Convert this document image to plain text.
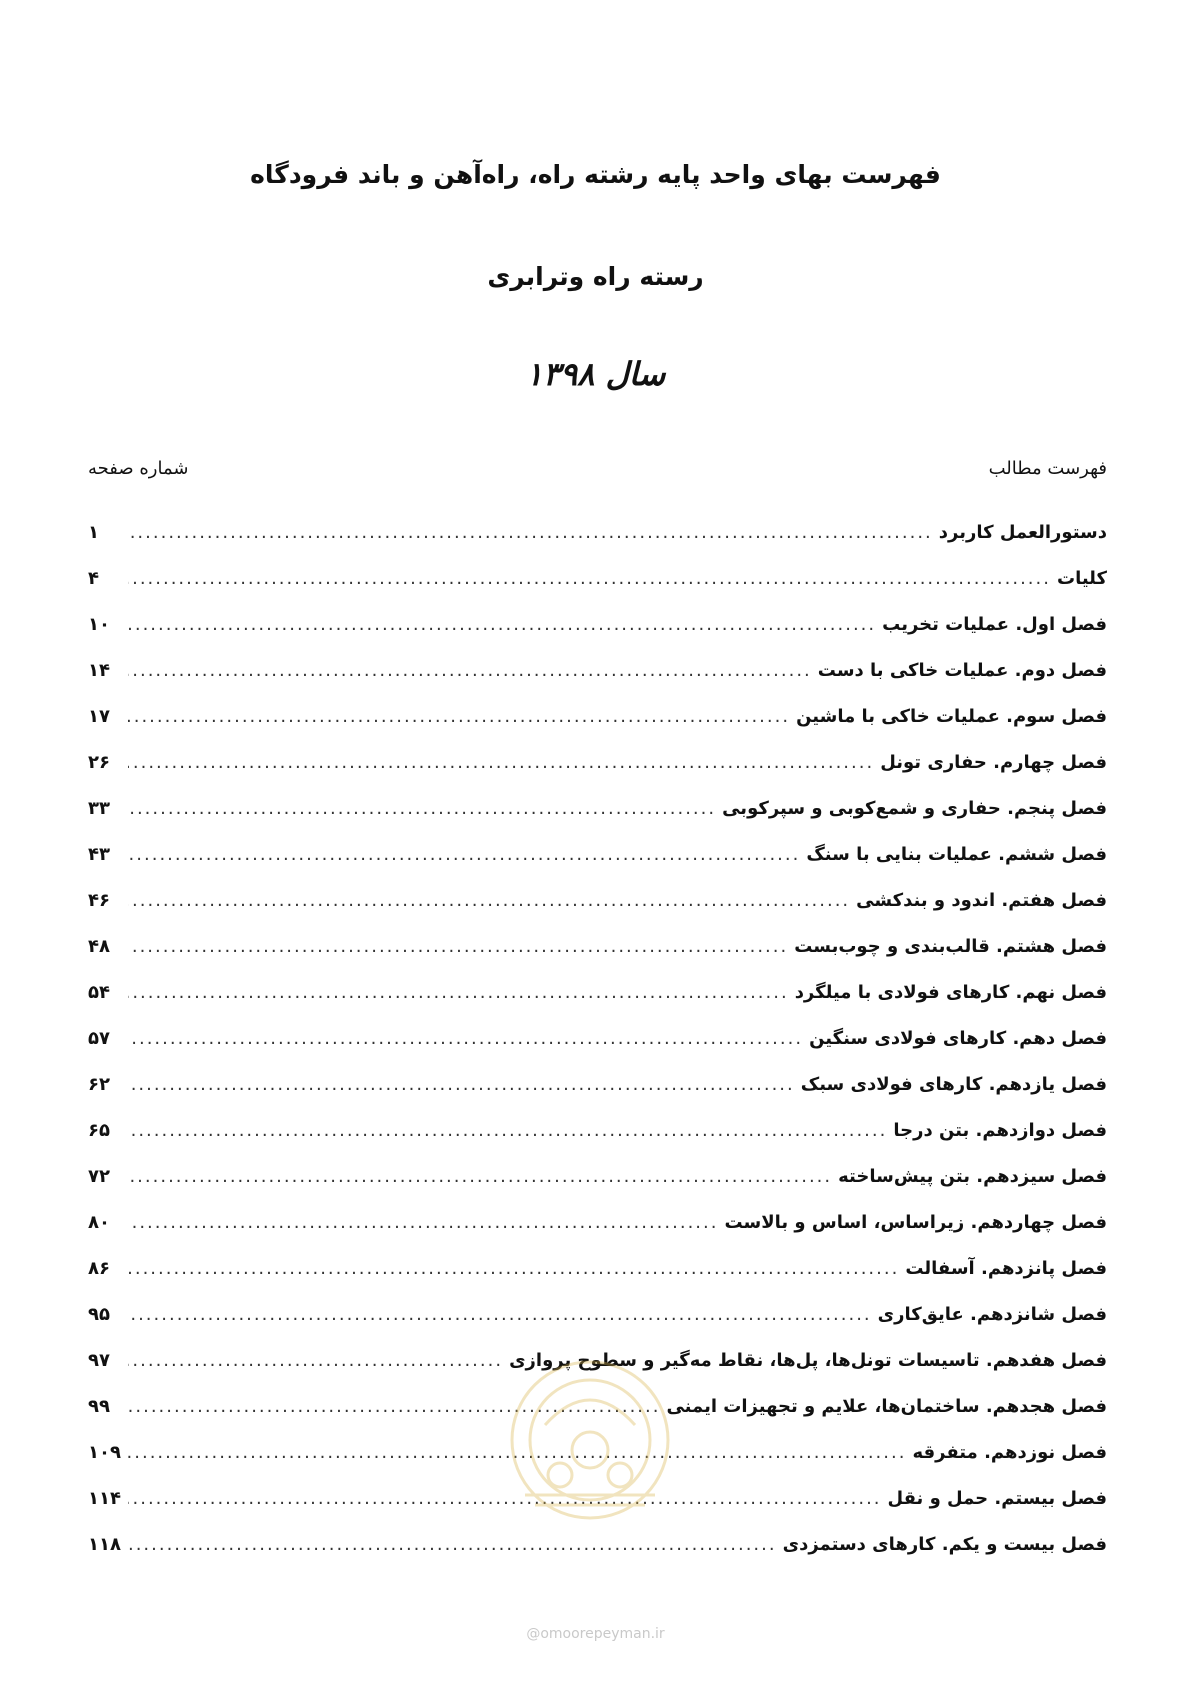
فهرست بهای واحد پایه رشته راه، راه‌آهن و باند فرودگاه
رسته راه وترابری
سال ۱۳۹۸
فهرست مطالب
شماره صفحه
دستورالعمل کاربرد
.....
۱
کلیات
.....
۴
فصل اول. عملیات تخریب
.....
۱۰
فصل دوم. عملیات خاکی با دست
.....
۱۴
فصل سوم. عملیات خاکی با ماشین
.....
۱۷
فصل چهارم. حفاری تونل
.....
۲۶
فصل پنجم. حفاری و شمع‌کوبی و سپرکوبی
.....
۳۳
فصل ششم. عملیات بنایی با سنگ
.....
۴۳
فصل هفتم. اندود و بندکشی
.....
۴۶
فصل هشتم. قالب‌بندی و چوب‌بست
.....
۴۸
فصل نهم. کارهای فولادی با میلگرد
.....
۵۴
فصل دهم. کارهای فولادی سنگین
.....
۵۷
فصل یازدهم. کارهای فولادی سبک
.....
۶۲
فصل دوازدهم. بتن درجا
.....
۶۵
فصل سیزدهم. بتن پیش‌ساخته
.....
۷۲
فصل چهاردهم. زیراساس، اساس و بالاست
.....
۸۰
فصل پانزدهم. آسفالت
.....
۸۶
فصل شانزدهم. عایق‌کاری
.....
۹۵
فصل هفدهم. تاسیسات تونل‌ها، پل‌ها، نقاط مه‌گیر و سطوح پروازی
.....
۹۷
فصل هجدهم. ساختمان‌ها، علایم و تجهیزات ایمنی
.....
۹۹
فصل نوزدهم. متفرقه
.....
۱۰۹
فصل بیستم. حمل و نقل
.....
۱۱۴
فصل بیست و یکم. کارهای دستمزدی
.....
۱۱۸
@omoorepeyman.ir
